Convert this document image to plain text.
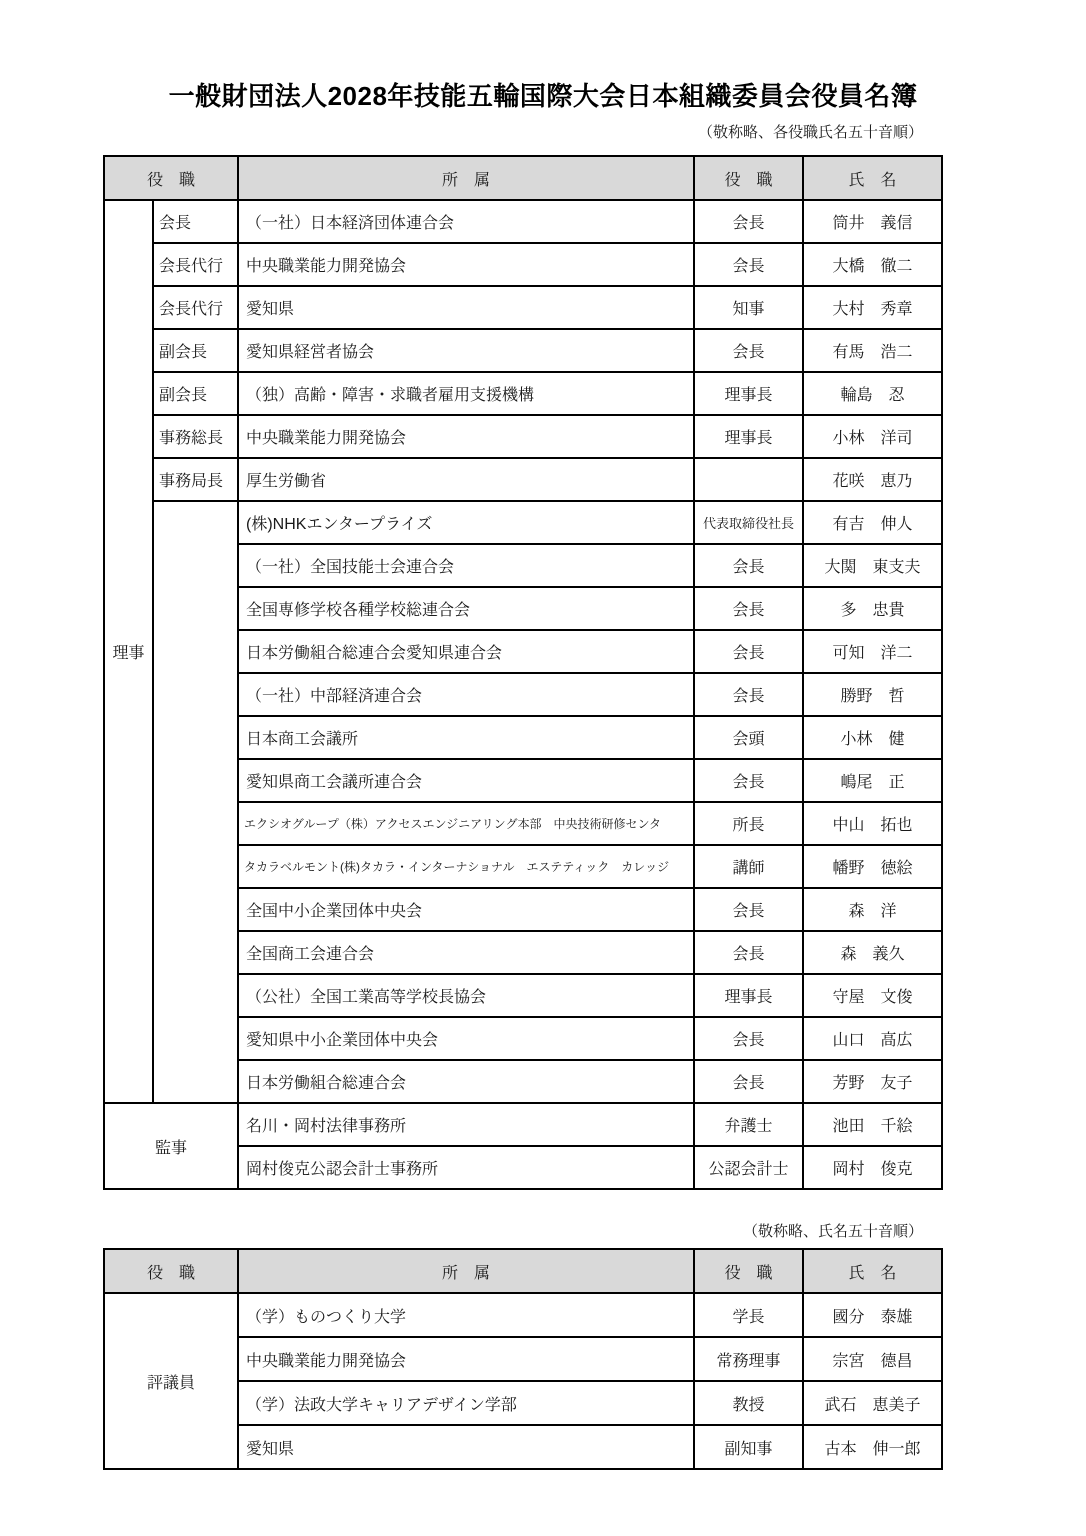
一般財団法人2028年技能五輪国際大会日本組織委員会役員名簿
（敬称略、各役職氏名五十音順）
役　職		所　属	役　職	氏　名
理事	会長	（一社）日本経済団体連合会	会長	筒井　義信
	会長代行	中央職業能力開発協会	会長	大橋　徹二
	会長代行	愛知県	知事	大村　秀章
	副会長	愛知県経営者協会	会長	有馬　浩二
	副会長	（独）高齢・障害・求職者雇用支援機構	理事長	輪島　忍
	事務総長	中央職業能力開発協会	理事長	小林　洋司
	事務局長	厚生労働省		花咲　恵乃
		(株)NHKエンタープライズ	代表取締役社長	有吉　伸人
		（一社）全国技能士会連合会	会長	大関　東支夫
		全国専修学校各種学校総連合会	会長	多　忠貴
		日本労働組合総連合会愛知県連合会	会長	可知　洋二
		（一社）中部経済連合会	会長	勝野　哲
		日本商工会議所	会頭	小林　健
		愛知県商工会議所連合会	会長	嶋尾　正
		エクシオグループ（株）アクセスエンジニアリング本部　中央技術研修センタ	所長	中山　拓也
		タカラベルモント(株)タカラ・インターナショナル　エステティック　カレッジ	講師	幡野　徳絵
		全国中小企業団体中央会	会長	森　洋
		全国商工会連合会	会長	森　義久
		（公社）全国工業高等学校長協会	理事長	守屋　文俊
		愛知県中小企業団体中央会	会長	山口　高広
		日本労働組合総連合会	会長	芳野　友子
監事		名川・岡村法律事務所	弁護士	池田　千絵
		岡村俊克公認会計士事務所	公認会計士	岡村　俊克
（敬称略、氏名五十音順）
役　職	所　属	役　職	氏　名
評議員	（学）ものつくり大学	学長	國分　泰雄
	中央職業能力開発協会	常務理事	宗宮　德昌
	（学）法政大学キャリアデザイン学部	教授	武石　恵美子
	愛知県	副知事	古本　伸一郎
